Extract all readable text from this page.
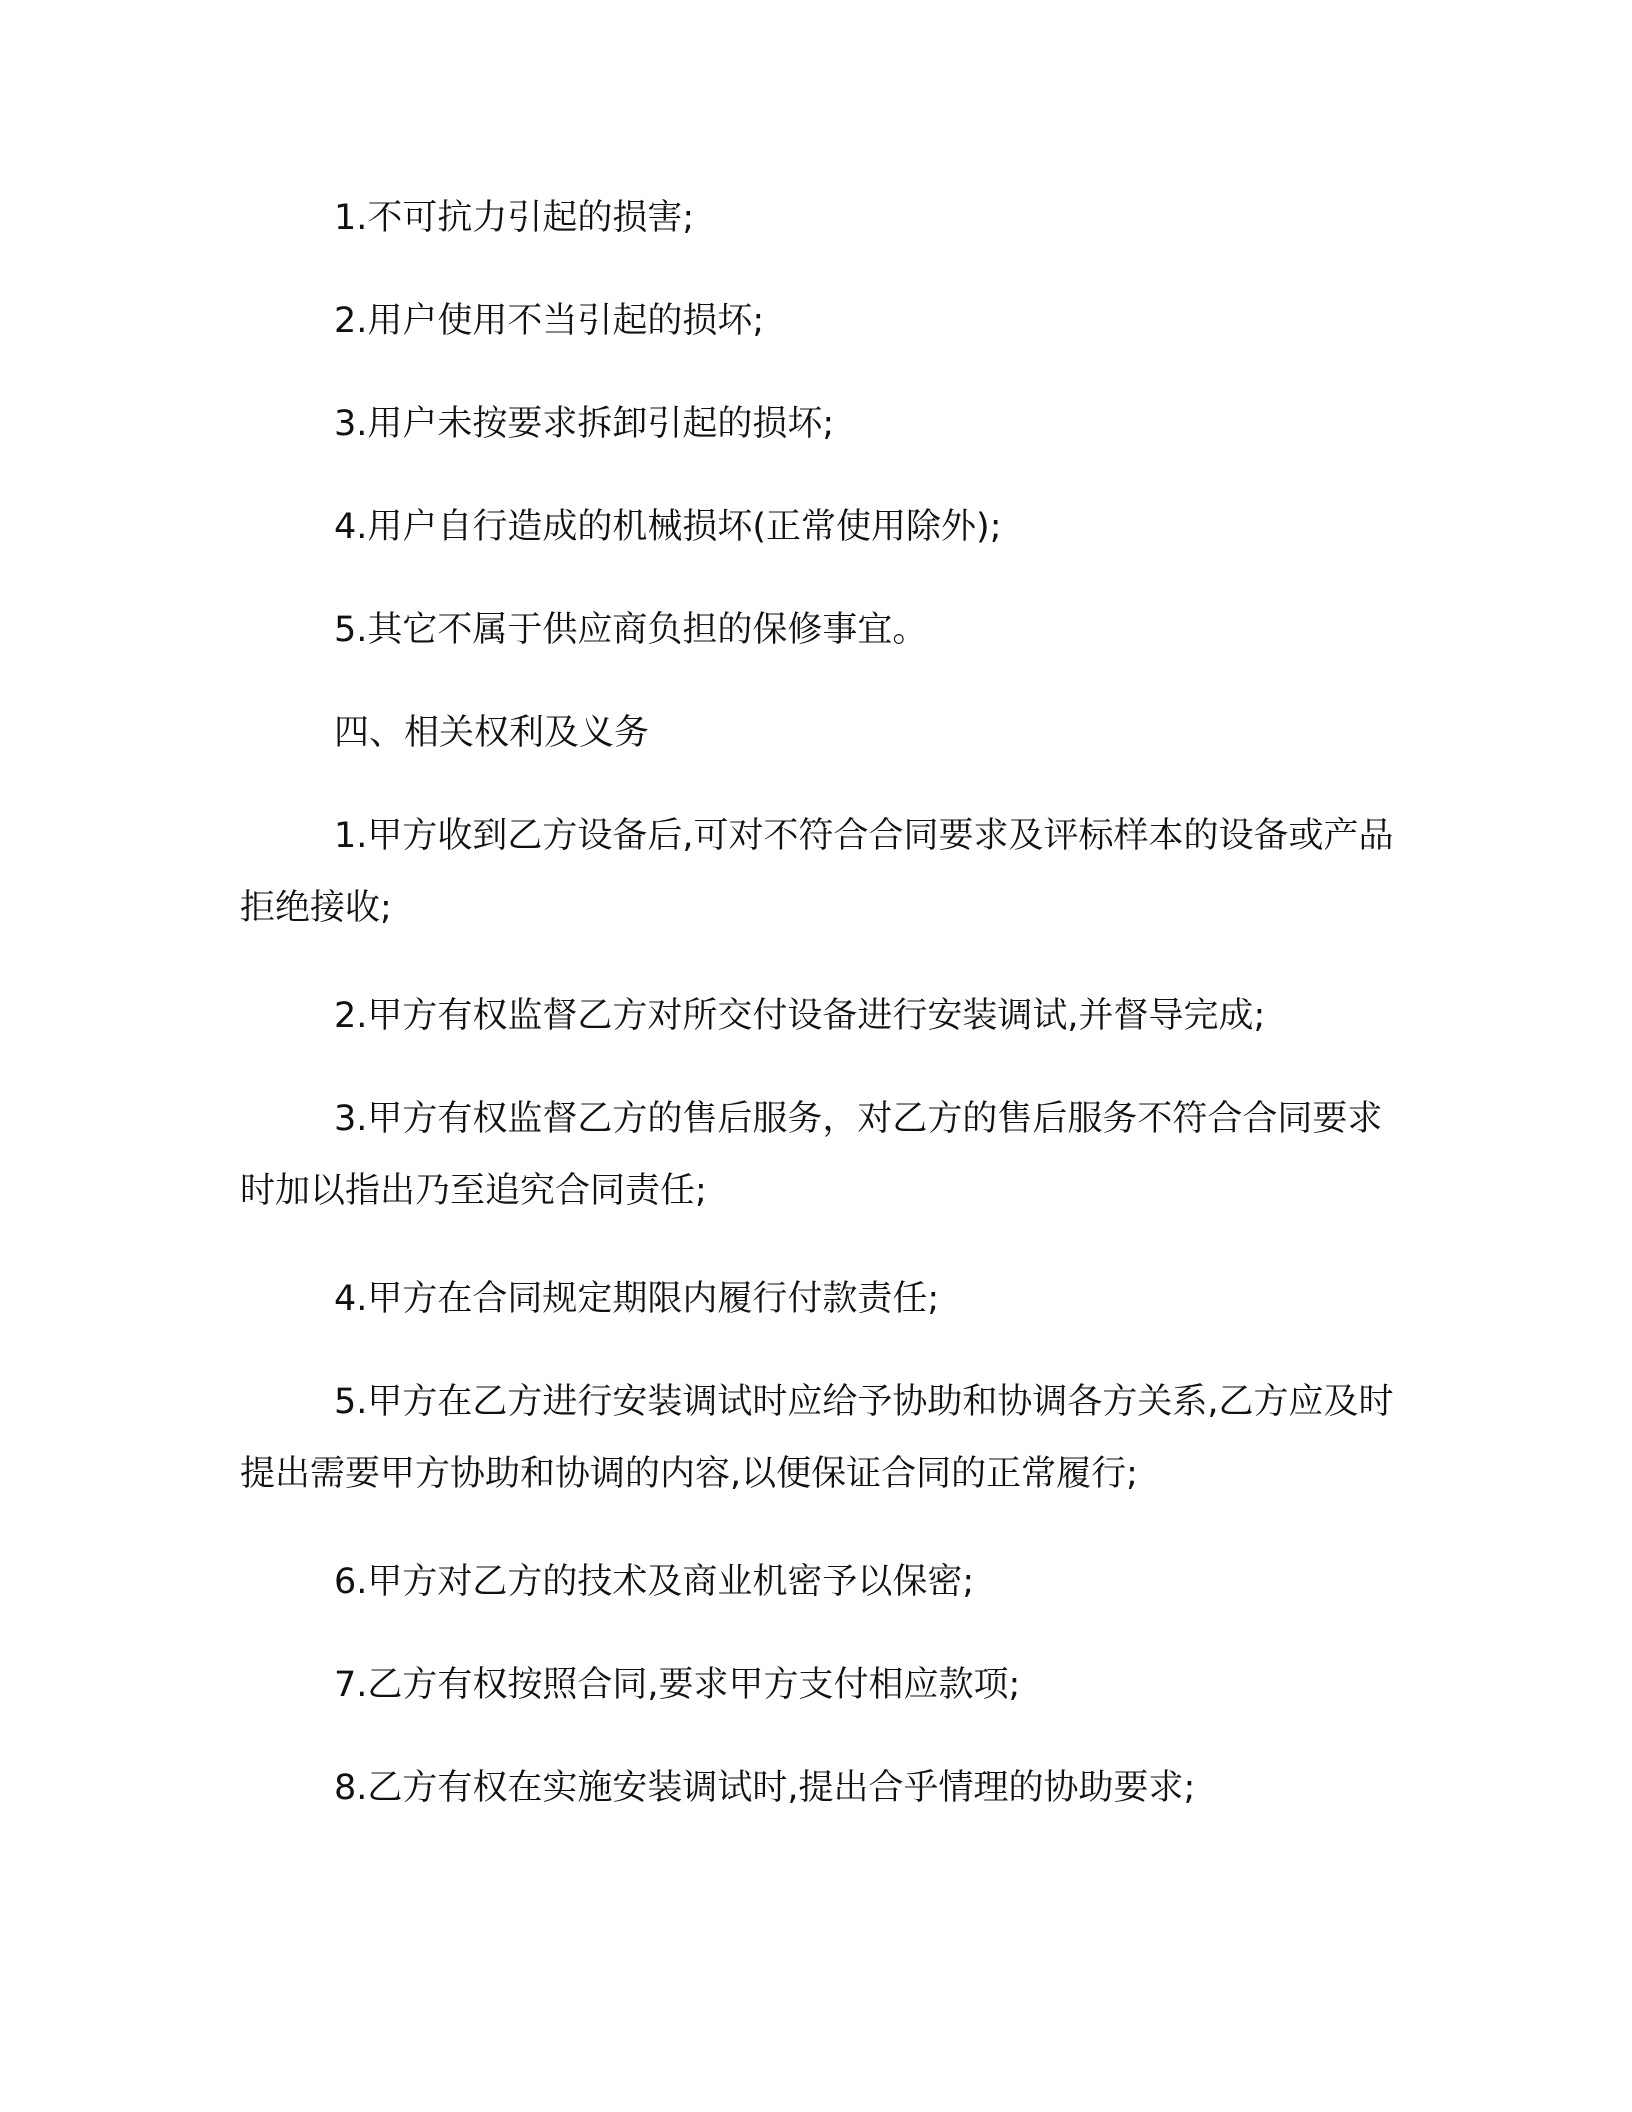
1.不可抗力引起的损害;

2.用户使用不当引起的损坏;

3.用户未按要求拆卸引起的损坏;

4.用户自行造成的机械损坏(正常使用除外);

5.其它不属于供应商负担的保修事宜。

四、相关权利及义务

1.甲方收到乙方设备后,可对不符合合同要求及评标样本的设备或产品拒绝接收;

2.甲方有权监督乙方对所交付设备进行安装调试,并督导完成;

3.甲方有权监督乙方的售后服务，对乙方的售后服务不符合合同要求时加以指出乃至追究合同责任;

4.甲方在合同规定期限内履行付款责任;

5.甲方在乙方进行安装调试时应给予协助和协调各方关系,乙方应及时提出需要甲方协助和协调的内容,以便保证合同的正常履行;

6.甲方对乙方的技术及商业机密予以保密;

7.乙方有权按照合同,要求甲方支付相应款项;

8.乙方有权在实施安装调试时,提出合乎情理的协助要求;
